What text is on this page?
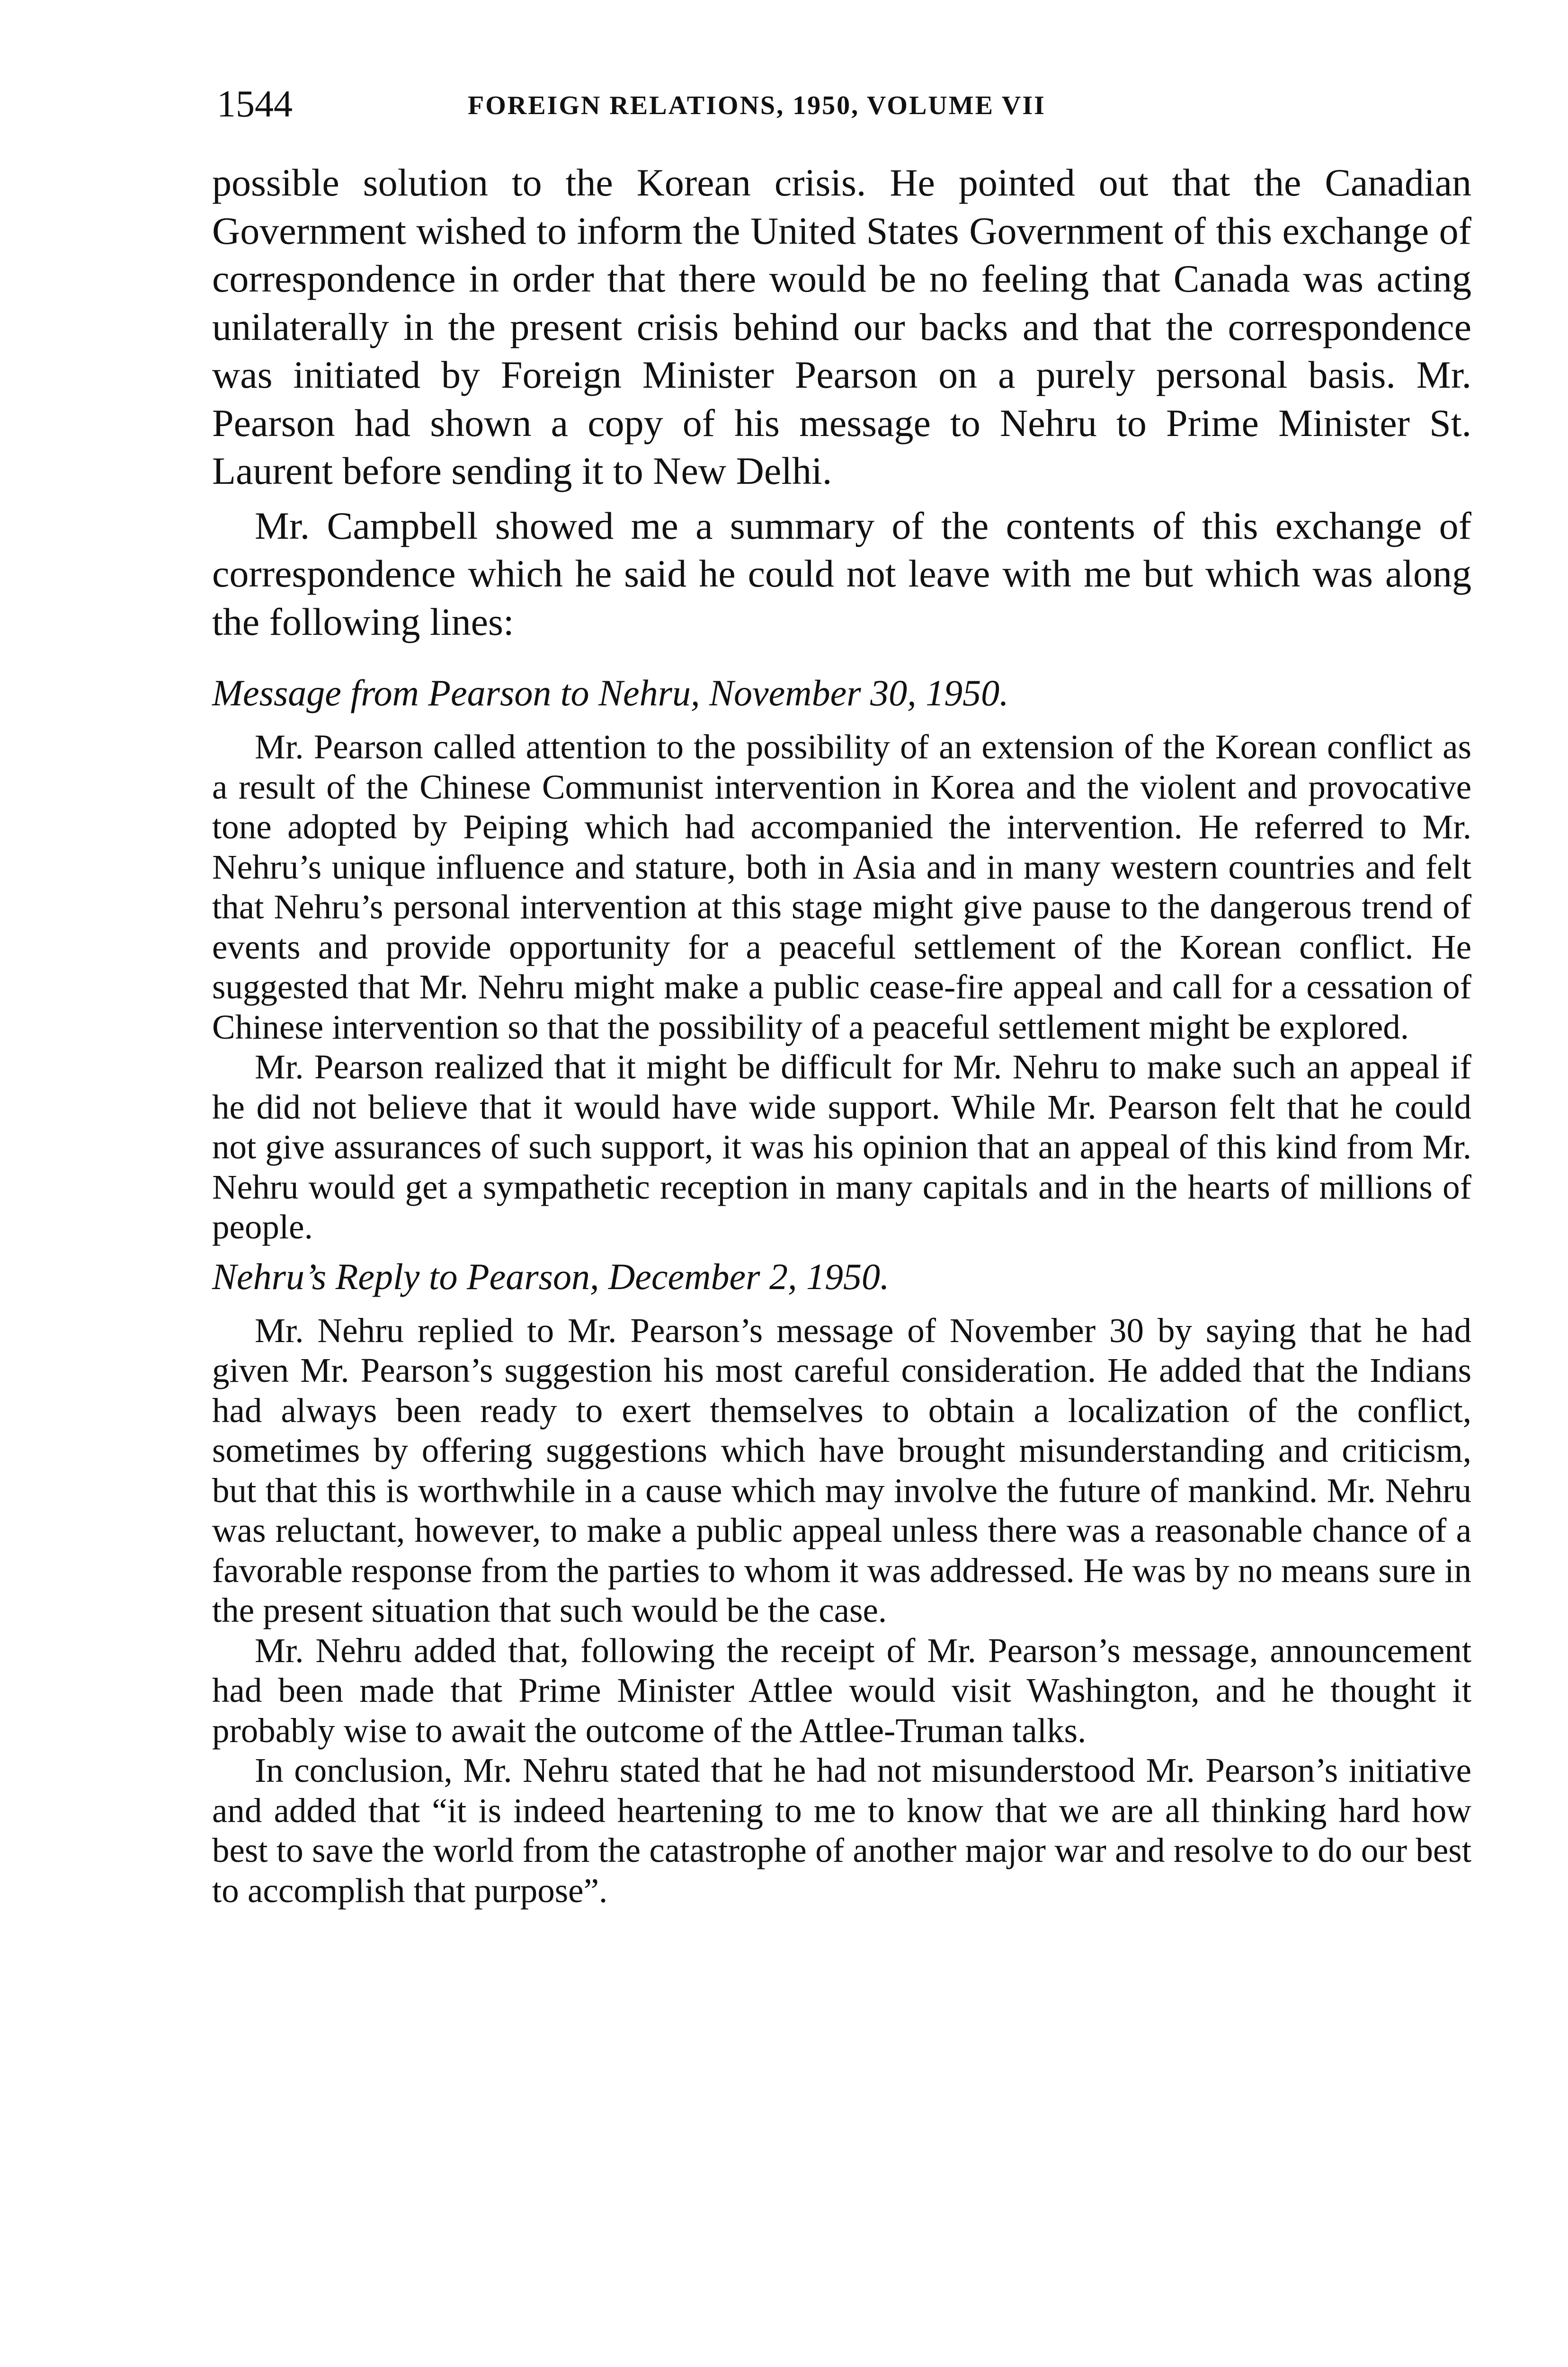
1544	FOREIGN RELATIONS, 1950, VOLUME VII

possible solution to the Korean crisis. He pointed out that the Canadian Government wished to inform the United States Government of this exchange of correspondence in order that there would be no feeling that Canada was acting unilaterally in the present crisis behind our backs and that the correspondence was initiated by Foreign Minister Pearson on a purely personal basis. Mr. Pearson had shown a copy of his message to Nehru to Prime Minister St. Laurent before sending it to New Delhi.

Mr. Campbell showed me a summary of the contents of this exchange of correspondence which he said he could not leave with me but which was along the following lines:

Message from Pearson to Nehru, November 30, 1950.

Mr. Pearson called attention to the possibility of an extension of the Korean conflict as a result of the Chinese Communist intervention in Korea and the violent and provocative tone adopted by Peiping which had accompanied the intervention. He referred to Mr. Nehru’s unique influence and stature, both in Asia and in many western countries and felt that Nehru’s personal intervention at this stage might give pause to the dangerous trend of events and provide opportunity for a peaceful settlement of the Korean conflict. He suggested that Mr. Nehru might make a public cease-fire appeal and call for a cessation of Chinese intervention so that the possibility of a peaceful settlement might be explored.

Mr. Pearson realized that it might be difficult for Mr. Nehru to make such an appeal if he did not believe that it would have wide support. While Mr. Pearson felt that he could not give assurances of such support, it was his opinion that an appeal of this kind from Mr. Nehru would get a sympathetic reception in many capitals and in the hearts of millions of people.

Nehru’s Reply to Pearson, December 2, 1950.

Mr. Nehru replied to Mr. Pearson’s message of November 30 by saying that he had given Mr. Pearson’s suggestion his most careful consideration. He added that the Indians had always been ready to exert themselves to obtain a localization of the conflict, sometimes by offering suggestions which have brought misunderstanding and criticism, but that this is worthwhile in a cause which may involve the future of mankind. Mr. Nehru was reluctant, however, to make a public appeal unless there was a reasonable chance of a favorable response from the parties to whom it was addressed. He was by no means sure in the present situation that such would be the case.

Mr. Nehru added that, following the receipt of Mr. Pearson’s message, announcement had been made that Prime Minister Attlee would visit Washington, and he thought it probably wise to await the outcome of the Attlee-Truman talks.

In conclusion, Mr. Nehru stated that he had not misunderstood Mr. Pearson’s initiative and added that “it is indeed heartening to me to know that we are all thinking hard how best to save the world from the catastrophe of another major war and resolve to do our best to accomplish that purpose”.
